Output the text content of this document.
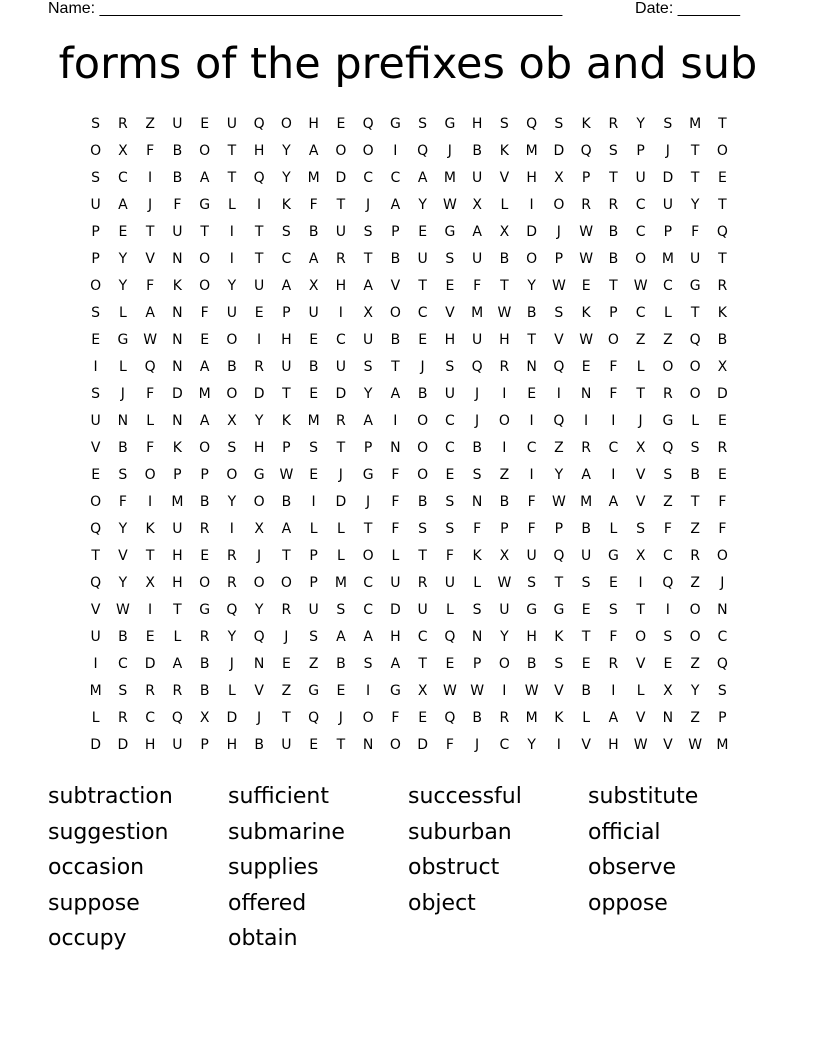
Name: ____________________________________________________	Date: _______
forms of the prefixes ob and sub
S	R	Z	U	E	U	Q	O	H	E	Q	G	S	G	H	S	Q	S	K	R	Y	S	M	T
O	X	F	B	O	T	H	Y	A	O	O	I	Q	J	B	K	M	D	Q	S	P	J	T	O
S	C	I	B	A	T	Q	Y	M	D	C	C	A	M	U	V	H	X	P	T	U	D	T	E
U	A	J	F	G	L	I	K	F	T	J	A	Y	W	X	L	I	O	R	R	C	U	Y	T
P	E	T	U	T	I	T	S	B	U	S	P	E	G	A	X	D	J	W	B	C	P	F	Q
P	Y	V	N	O	I	T	C	A	R	T	B	U	S	U	B	O	P	W	B	O	M	U	T
O	Y	F	K	O	Y	U	A	X	H	A	V	T	E	F	T	Y	W	E	T	W	C	G	R
S	L	A	N	F	U	E	P	U	I	X	O	C	V	M	W	B	S	K	P	C	L	T	K
E	G	W	N	E	O	I	H	E	C	U	B	E	H	U	H	T	V	W	O	Z	Z	Q	B
I	L	Q	N	A	B	R	U	B	U	S	T	J	S	Q	R	N	Q	E	F	L	O	O	X
S	J	F	D	M	O	D	T	E	D	Y	A	B	U	J	I	E	I	N	F	T	R	O	D
U	N	L	N	A	X	Y	K	M	R	A	I	O	C	J	O	I	Q	I	I	J	G	L	E
V	B	F	K	O	S	H	P	S	T	P	N	O	C	B	I	C	Z	R	C	X	Q	S	R
E	S	O	P	P	O	G	W	E	J	G	F	O	E	S	Z	I	Y	A	I	V	S	B	E
O	F	I	M	B	Y	O	B	I	D	J	F	B	S	N	B	F	W	M	A	V	Z	T	F
Q	Y	K	U	R	I	X	A	L	L	T	F	S	S	F	P	F	P	B	L	S	F	Z	F
T	V	T	H	E	R	J	T	P	L	O	L	T	F	K	X	U	Q	U	G	X	C	R	O
Q	Y	X	H	O	R	O	O	P	M	C	U	R	U	L	W	S	T	S	E	I	Q	Z	J
V	W	I	T	G	Q	Y	R	U	S	C	D	U	L	S	U	G	G	E	S	T	I	O	N
U	B	E	L	R	Y	Q	J	S	A	A	H	C	Q	N	Y	H	K	T	F	O	S	O	C
I	C	D	A	B	J	N	E	Z	B	S	A	T	E	P	O	B	S	E	R	V	E	Z	Q
M	S	R	R	B	L	V	Z	G	E	I	G	X	W	W	I	W	V	B	I	L	X	Y	S
L	R	C	Q	X	D	J	T	Q	J	O	F	E	Q	B	R	M	K	L	A	V	N	Z	P
D	D	H	U	P	H	B	U	E	T	N	O	D	F	J	C	Y	I	V	H	W	V	W	M
subtraction	sufficient	successful	substitute
suggestion	submarine	suburban	official
occasion	supplies	obstruct	observe
suppose	offered	object	oppose
occupy	obtain
